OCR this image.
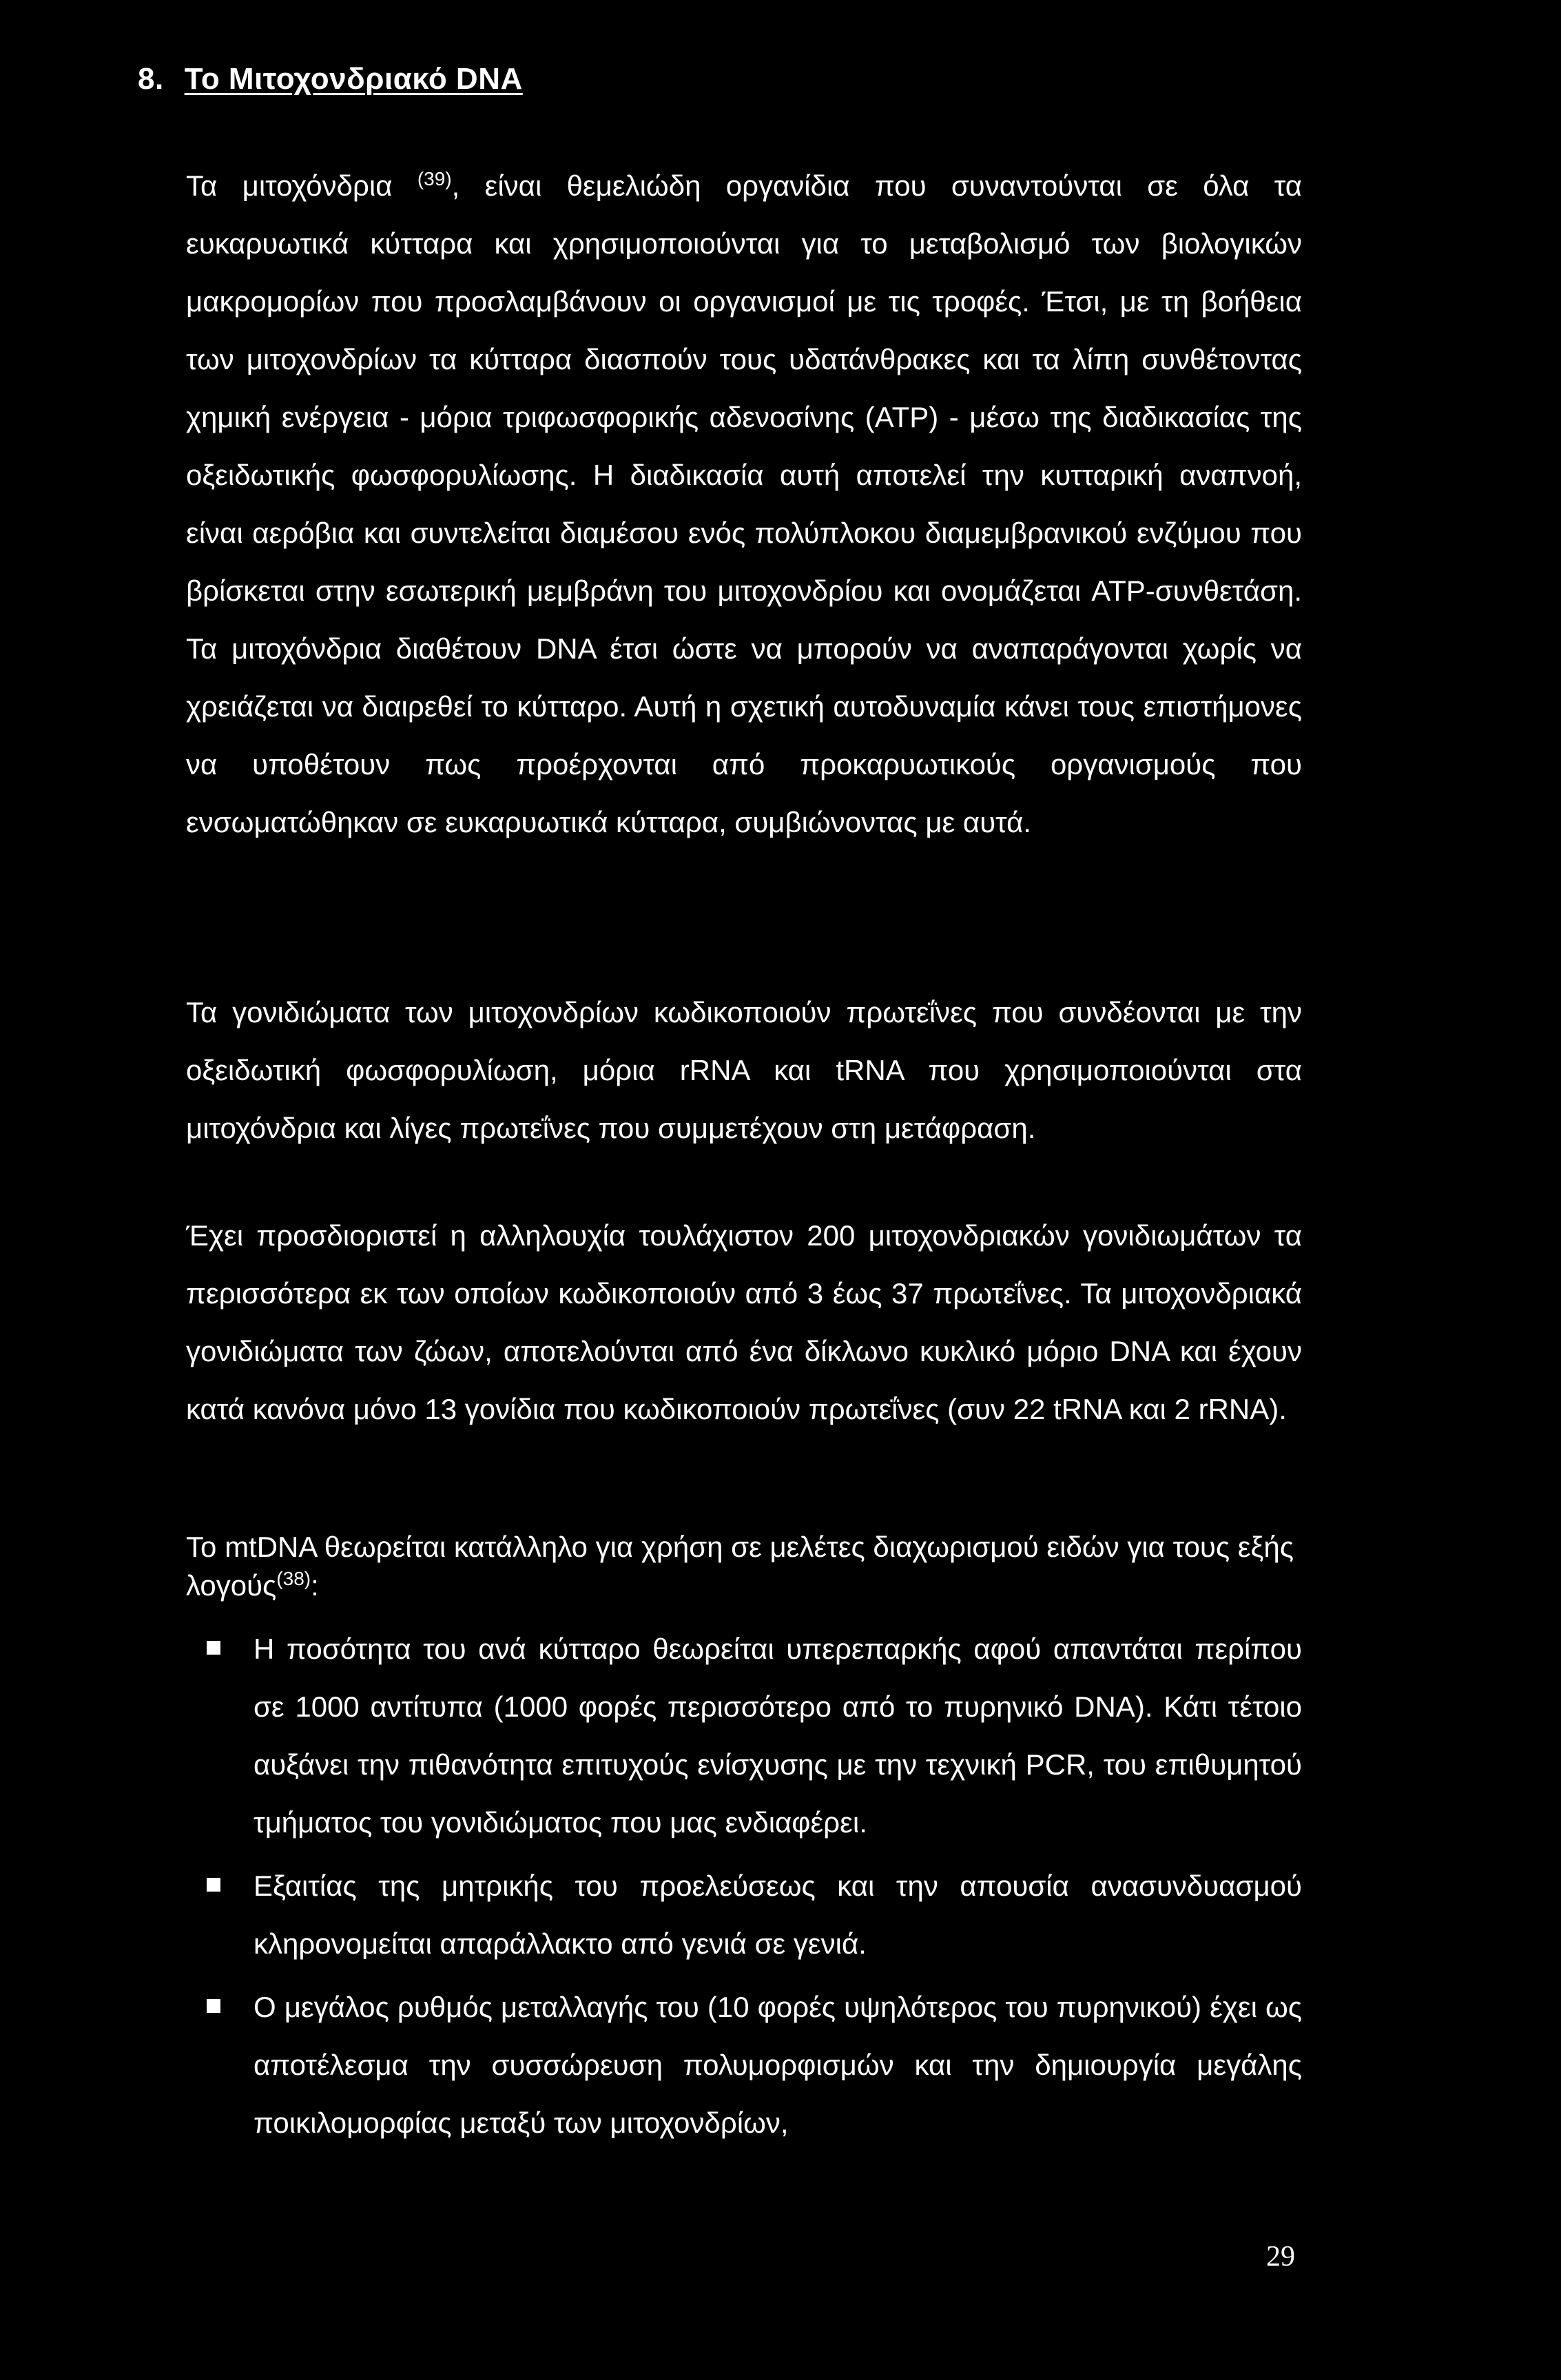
8. Το Μιτοχονδριακό DNA

Τα μιτοχόνδρια $^{(39)}$, είναι θεμελιώδη οργανίδια που συναντούνται σε όλα τα ευκαρυωτικά κύτταρα και χρησιμοποιούνται για το μεταβολισμό των βιολογικών μακρομορίων που προσλαμβάνουν οι οργανισμοί με τις τροφές. Έτσι, με τη βοήθεια των μιτοχονδρίων τα κύτταρα διασπούν τους υδατάνθρακες και τα λίπη συνθέτοντας χημική ενέργεια - μόρια τριφωσφορικής αδενοσίνης (ATP) - μέσω της διαδικασίας της οξειδωτικής φωσφορυλίωσης. Η διαδικασία αυτή αποτελεί την κυτταρική αναπνοή, είναι αερόβια και συντελείται διαμέσου ενός πολύπλοκου διαμεμβρανικού ενζύμου που βρίσκεται στην εσωτερική μεμβράνη του μιτοχονδρίου και ονομάζεται ATP-συνθετάση. Τα μιτοχόνδρια διαθέτουν DNA έτσι ώστε να μπορούν να αναπαράγονται χωρίς να χρειάζεται να διαιρεθεί το κύτταρο. Αυτή η σχετική αυτοδυναμία κάνει τους επιστήμονες να υποθέτουν πως προέρχονται από προκαρυωτικούς οργανισμούς που ενσωματώθηκαν σε ευκαρυωτικά κύτταρα, συμβιώνοντας με αυτά.

Τα γονιδιώματα των μιτοχονδρίων κωδικοποιούν πρωτεΐνες που συνδέονται με την οξειδωτική φωσφορυλίωση, μόρια rRNA και tRNA που χρησιμοποιούνται στα μιτοχόνδρια και λίγες πρωτεΐνες που συμμετέχουν στη μετάφραση.

Έχει προσδιοριστεί η αλληλουχία τουλάχιστον 200 μιτοχονδριακών γονιδιωμάτων τα περισσότερα εκ των οποίων κωδικοποιούν από 3 έως 37 πρωτεΐνες. Τα μιτοχονδριακά γονιδιώματα των ζώων, αποτελούνται από ένα δίκλωνο κυκλικό μόριο DNA και έχουν κατά κανόνα μόνο 13 γονίδια που κωδικοποιούν πρωτεΐνες (συν 22 tRNA και 2 rRNA).

Το mtDNA θεωρείται κατάλληλο για χρήση σε μελέτες διαχωρισμού ειδών για τους εξής λογούς$^{(38)}$:

Η ποσότητα του ανά κύτταρο θεωρείται υπερεπαρκής αφού απαντάται περίπου σε 1000 αντίτυπα (1000 φορές περισσότερο από το πυρηνικό DNA). Κάτι τέτοιο αυξάνει την πιθανότητα επιτυχούς ενίσχυσης με την τεχνική PCR, του επιθυμητού τμήματος του γονιδιώματος που μας ενδιαφέρει.
Εξαιτίας της μητρικής του προελεύσεως και την απουσία ανασυνδυασμού κληρονομείται απαράλλακτο από γενιά σε γενιά.
Ο μεγάλος ρυθμός μεταλλαγής του (10 φορές υψηλότερος του πυρηνικού) έχει ως αποτέλεσμα την συσσώρευση πολυμορφισμών και την δημιουργία μεγάλης ποικιλομορφίας μεταξύ των μιτοχονδρίων,
29
